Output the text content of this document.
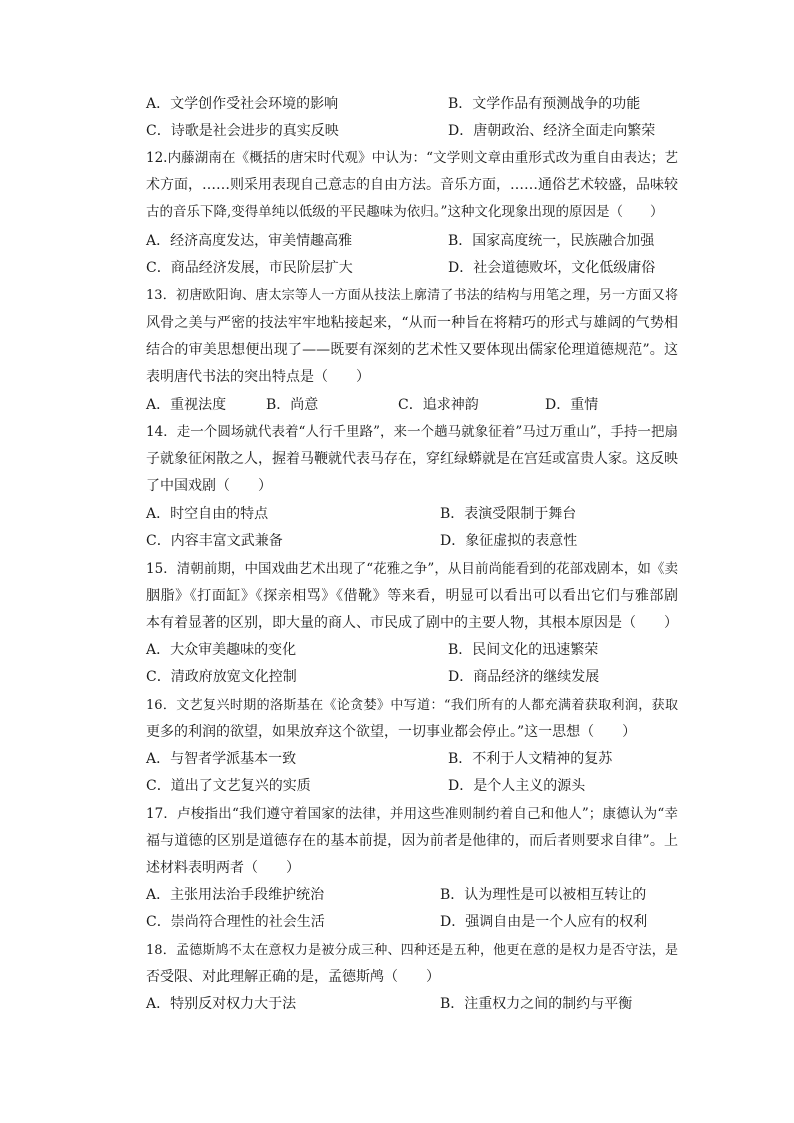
A．文学创作受社会环境的影响	B．文学作品有预测战争的功能
C．诗歌是社会进步的真实反映	D．唐朝政治、经济全面走向繁荣
12.内藤湖南在《概括的唐宋时代观》中认为：“文学则文章由重形式改为重自由表达；艺
术方面，……则采用表现自己意志的自由方法。音乐方面，……通俗艺术较盛，品味较
古的音乐下降,变得单纯以低级的平民趣味为依归。”这种文化现象出现的原因是（　　）
A．经济高度发达，审美情趣高雅	B．国家高度统一，民族融合加强
C．商品经济发展，市民阶层扩大	D．社会道德败坏，文化低级庸俗
13．初唐欧阳询、唐太宗等人一方面从技法上廓清了书法的结构与用笔之理，另一方面又将
风骨之美与严密的技法牢牢地粘接起来，“从而一种旨在将精巧的形式与雄阔的气势相
结合的审美思想便出现了——既要有深刻的艺术性又要体现出儒家伦理道德规范”。这
表明唐代书法的突出特点是（　　）
A．重视法度	B．尚意	C．追求神韵	D．重情
14．走一个圆场就代表着“人行千里路”，来一个趟马就象征着”马过万重山”，手持一把扇
子就象征闲散之人，握着马鞭就代表马存在，穿红绿蟒就是在宫廷或富贵人家。这反映
了中国戏剧（　　）
A．时空自由的特点	B．表演受限制于舞台
C．内容丰富文武兼备	D．象征虚拟的表意性
15．清朝前期，中国戏曲艺术出现了“花雅之争”，从目前尚能看到的花部戏剧本，如《卖
胭脂》《打面缸》《探亲相骂》《借靴》等来看，明显可以看出可以看出它们与雅部剧
本有着显著的区别，即大量的商人、市民成了剧中的主要人物，其根本原因是（　　）
A．大众审美趣味的变化	B．民间文化的迅速繁荣
C．清政府放宽文化控制	D．商品经济的继续发展
16．文艺复兴时期的洛斯基在《论贪婪》中写道：“我们所有的人都充满着获取利润，获取
更多的利润的欲望，如果放弃这个欲望，一切事业都会停止。”这一思想（　　）
A．与智者学派基本一致	B．不利于人文精神的复苏
C．道出了文艺复兴的实质	D．是个人主义的源头
17．卢梭指出“我们遵守着国家的法律，并用这些准则制约着自己和他人”；康德认为“幸
福与道德的区别是道德存在的基本前提，因为前者是他律的，而后者则要求自律”。上
述材料表明两者（　　）
A．主张用法治手段维护统治	B．认为理性是可以被相互转让的
C．崇尚符合理性的社会生活	D．强调自由是一个人应有的权利
18．孟德斯鸠不太在意权力是被分成三种、四种还是五种，他更在意的是权力是否守法，是
否受限、对此理解正确的是，孟德斯鸬（　　）
A．特别反对权力大于法	B．注重权力之间的制约与平衡
